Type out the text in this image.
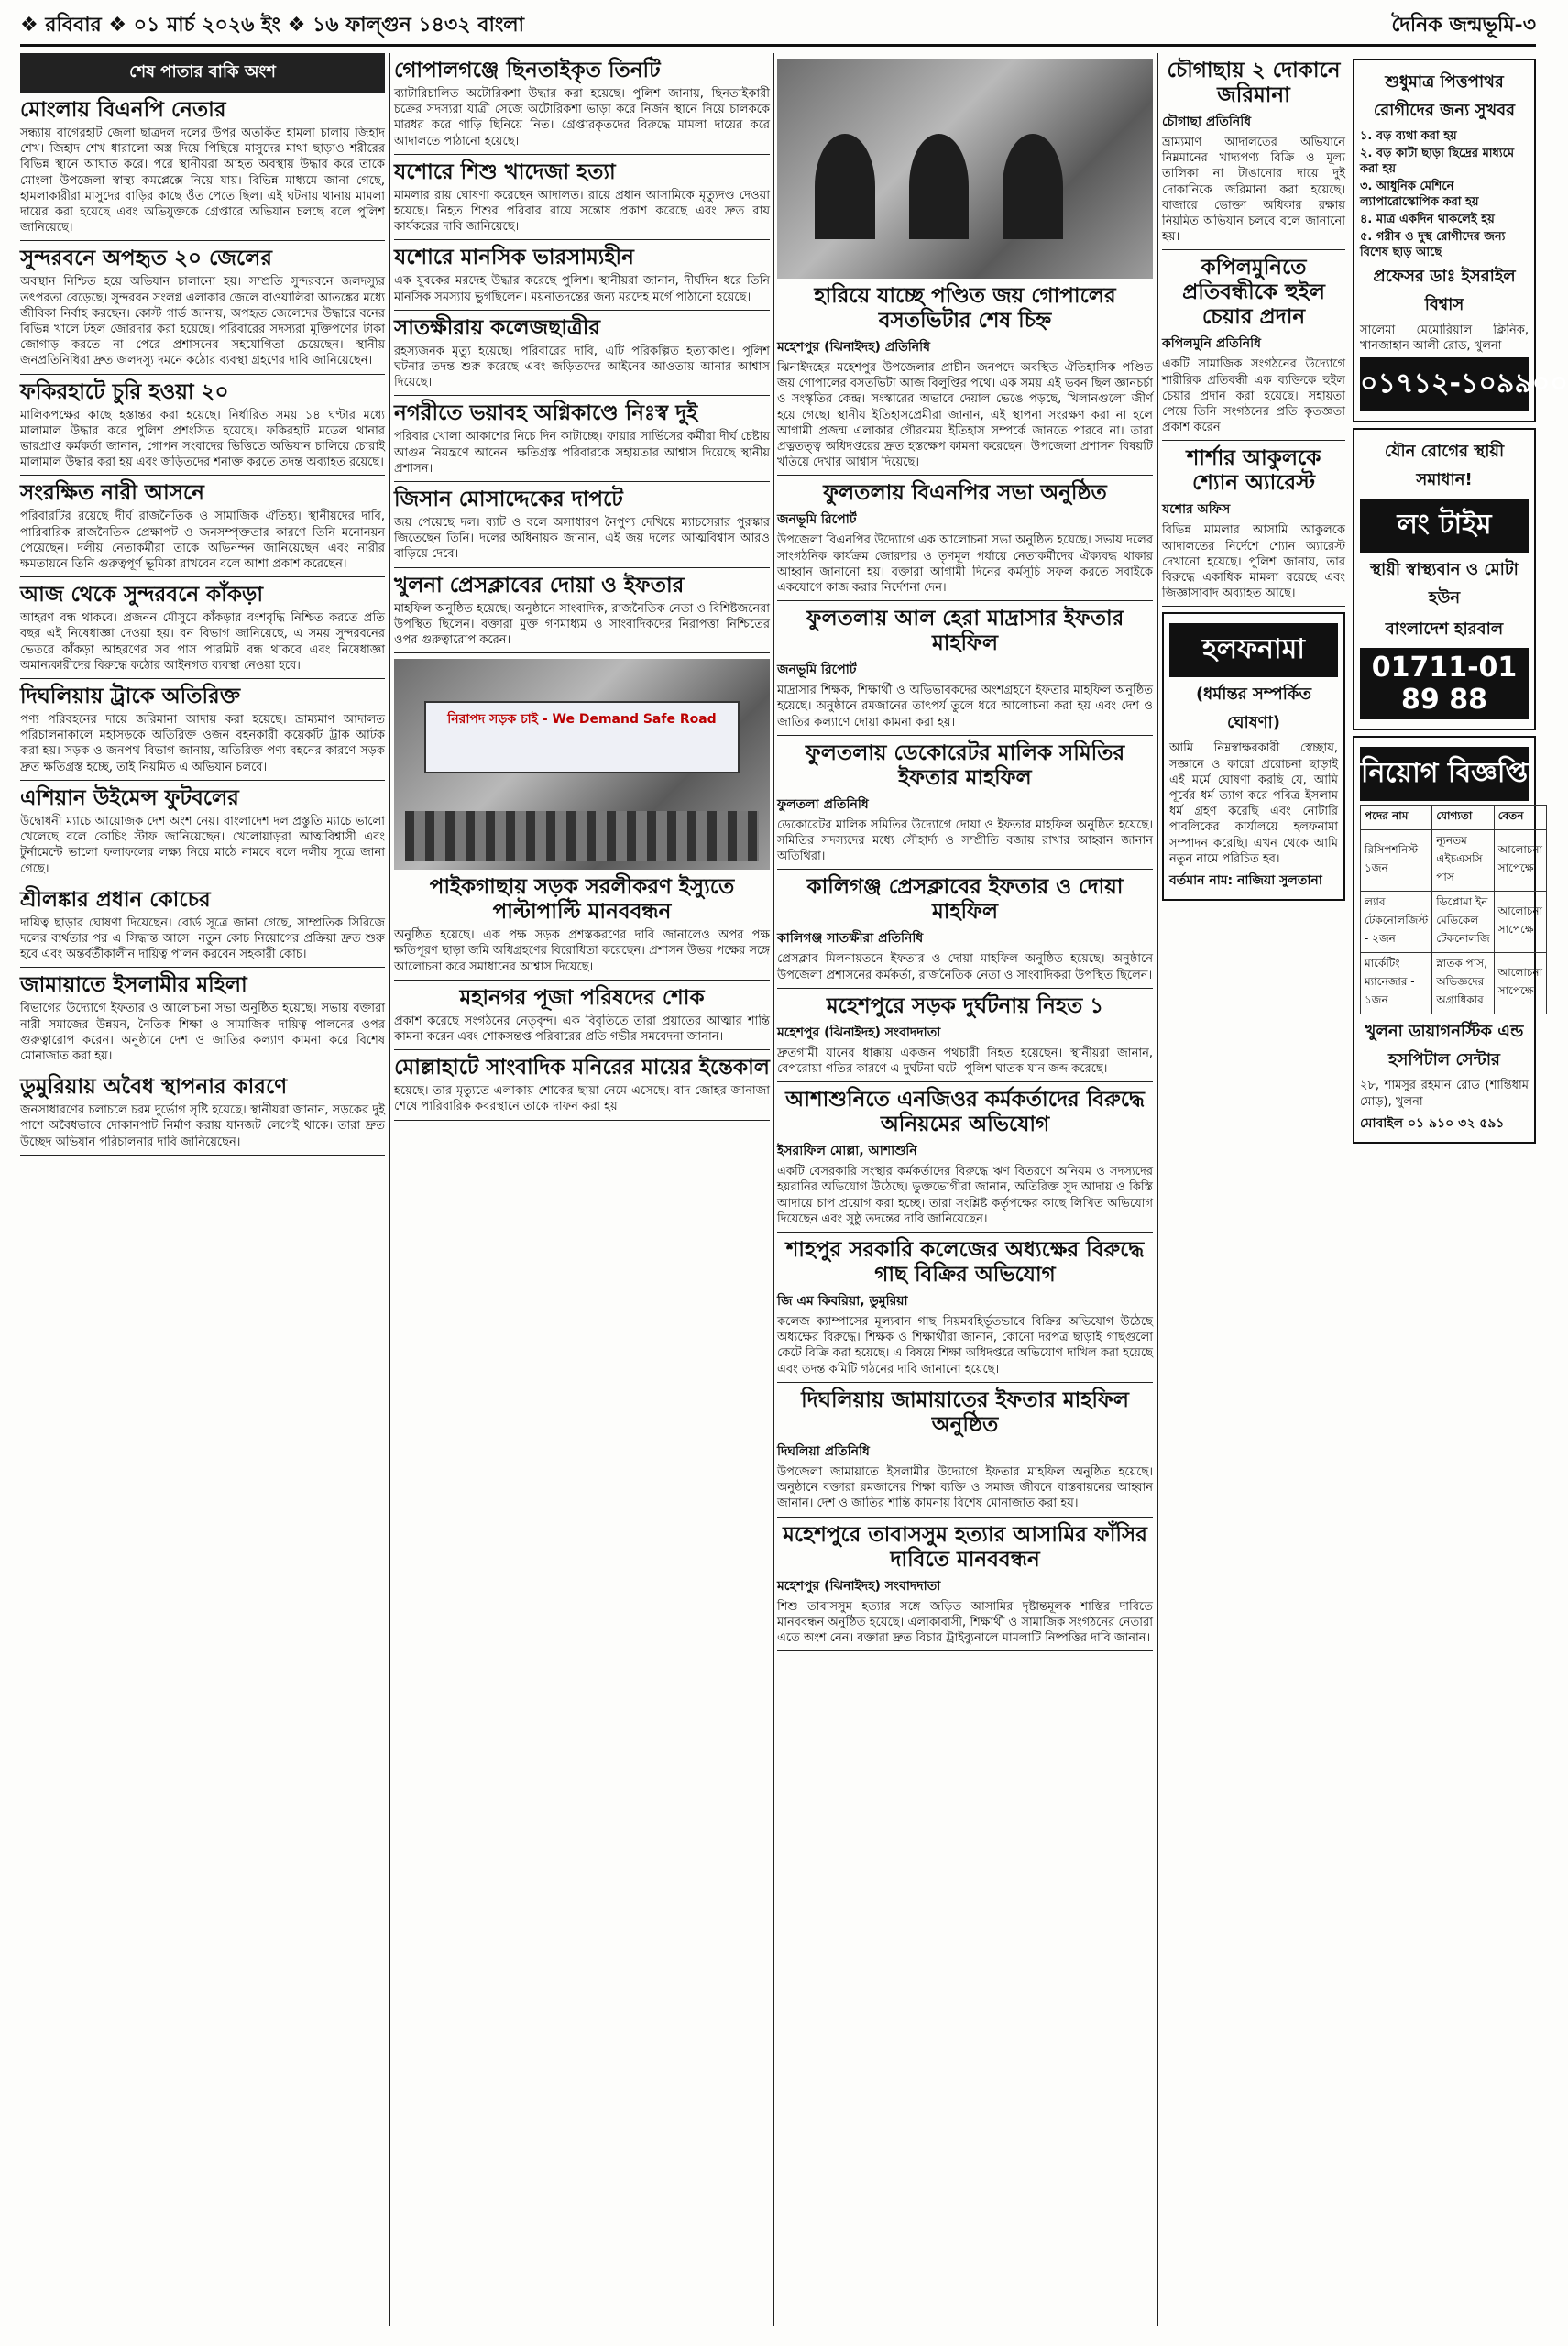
❖ রবিবার ❖ ০১ মার্চ ২০২৬ ইং ❖ ১৬ ফাল্গুন ১৪৩২ বাংলা	দৈনিক জন্মভূমি-৩
শেষ পাতার বাকি অংশ
মোংলায় বিএনপি নেতার

সন্ধ্যায় বাগেরহাট জেলা ছাত্রদল দলের উপর অতর্কিত হামলা চালায় জিহাদ শেখ। জিহাদ শেখ ধারালো অস্ত্র দিয়ে পিছিয়ে মাসুদের মাথা ছাড়াও শরীরের বিভিন্ন স্থানে আঘাত করে। পরে স্থানীয়রা আহত অবস্থায় উদ্ধার করে তাকে মোংলা উপজেলা স্বাস্থ্য কমপ্লেক্সে নিয়ে যায়। বিভিন্ন মাধ্যমে জানা গেছে, হামলাকারীরা মাসুদের বাড়ির কাছে ওঁত পেতে ছিল। এই ঘটনায় থানায় মামলা দায়ের করা হয়েছে এবং অভিযুক্তকে গ্রেপ্তারে অভিযান চলছে বলে পুলিশ জানিয়েছে।

সুন্দরবনে অপহৃত ২০ জেলের

অবস্থান নিশ্চিত হয়ে অভিযান চালানো হয়। সম্প্রতি সুন্দরবনে জলদস্যুর তৎপরতা বেড়েছে। সুন্দরবন সংলগ্ন এলাকার জেলে বাওয়ালিরা আতঙ্কের মধ্যে জীবিকা নির্বাহ করছেন। কোস্ট গার্ড জানায়, অপহৃত জেলেদের উদ্ধারে বনের বিভিন্ন খালে টহল জোরদার করা হয়েছে। পরিবারের সদস্যরা মুক্তিপণের টাকা জোগাড় করতে না পেরে প্রশাসনের সহযোগিতা চেয়েছেন। স্থানীয় জনপ্রতিনিধিরা দ্রুত জলদস্যু দমনে কঠোর ব্যবস্থা গ্রহণের দাবি জানিয়েছেন।

ফকিরহাটে চুরি হওয়া ২০

মালিকপক্ষের কাছে হস্তান্তর করা হয়েছে। নির্ধারিত সময় ১৪ ঘণ্টার মধ্যে মালামাল উদ্ধার করে পুলিশ প্রশংসিত হয়েছে। ফকিরহাট মডেল থানার ভারপ্রাপ্ত কর্মকর্তা জানান, গোপন সংবাদের ভিত্তিতে অভিযান চালিয়ে চোরাই মালামাল উদ্ধার করা হয় এবং জড়িতদের শনাক্ত করতে তদন্ত অব্যাহত রয়েছে।

সংরক্ষিত নারী আসনে

পরিবারটির রয়েছে দীর্ঘ রাজনৈতিক ও সামাজিক ঐতিহ্য। স্থানীয়দের দাবি, পারিবারিক রাজনৈতিক প্রেক্ষাপট ও জনসম্পৃক্ততার কারণে তিনি মনোনয়ন পেয়েছেন। দলীয় নেতাকর্মীরা তাকে অভিনন্দন জানিয়েছেন এবং নারীর ক্ষমতায়নে তিনি গুরুত্বপূর্ণ ভূমিকা রাখবেন বলে আশা প্রকাশ করেছেন।

আজ থেকে সুন্দরবনে কাঁকড়া

আহরণ বন্ধ থাকবে। প্রজনন মৌসুমে কাঁকড়ার বংশবৃদ্ধি নিশ্চিত করতে প্রতি বছর এই নিষেধাজ্ঞা দেওয়া হয়। বন বিভাগ জানিয়েছে, এ সময় সুন্দরবনের ভেতরে কাঁকড়া আহরণের সব পাস পারমিট বন্ধ থাকবে এবং নিষেধাজ্ঞা অমান্যকারীদের বিরুদ্ধে কঠোর আইনগত ব্যবস্থা নেওয়া হবে।

দিঘলিয়ায় ট্রাকে অতিরিক্ত

পণ্য পরিবহনের দায়ে জরিমানা আদায় করা হয়েছে। ভ্রাম্যমাণ আদালত পরিচালনাকালে মহাসড়কে অতিরিক্ত ওজন বহনকারী কয়েকটি ট্রাক আটক করা হয়। সড়ক ও জনপথ বিভাগ জানায়, অতিরিক্ত পণ্য বহনের কারণে সড়ক দ্রুত ক্ষতিগ্রস্ত হচ্ছে, তাই নিয়মিত এ অভিযান চলবে।

এশিয়ান উইমেন্স ফুটবলের

উদ্বোধনী ম্যাচে আয়োজক দেশ অংশ নেয়। বাংলাদেশ দল প্রস্তুতি ম্যাচে ভালো খেলেছে বলে কোচিং স্টাফ জানিয়েছেন। খেলোয়াড়রা আত্মবিশ্বাসী এবং টুর্নামেন্টে ভালো ফলাফলের লক্ষ্য নিয়ে মাঠে নামবে বলে দলীয় সূত্রে জানা গেছে।

শ্রীলঙ্কার প্রধান কোচের

দায়িত্ব ছাড়ার ঘোষণা দিয়েছেন। বোর্ড সূত্রে জানা গেছে, সাম্প্রতিক সিরিজে দলের ব্যর্থতার পর এ সিদ্ধান্ত আসে। নতুন কোচ নিয়োগের প্রক্রিয়া দ্রুত শুরু হবে এবং অন্তর্বর্তীকালীন দায়িত্ব পালন করবেন সহকারী কোচ।

জামায়াতে ইসলামীর মহিলা

বিভাগের উদ্যোগে ইফতার ও আলোচনা সভা অনুষ্ঠিত হয়েছে। সভায় বক্তারা নারী সমাজের উন্নয়ন, নৈতিক শিক্ষা ও সামাজিক দায়িত্ব পালনের ওপর গুরুত্বারোপ করেন। অনুষ্ঠানে দেশ ও জাতির কল্যাণ কামনা করে বিশেষ মোনাজাত করা হয়।

ডুমুরিয়ায় অবৈধ স্থাপনার কারণে

জনসাধারণের চলাচলে চরম দুর্ভোগ সৃষ্টি হয়েছে। স্থানীয়রা জানান, সড়কের দুই পাশে অবৈধভাবে দোকানপাট নির্মাণ করায় যানজট লেগেই থাকে। তারা দ্রুত উচ্ছেদ অভিযান পরিচালনার দাবি জানিয়েছেন।

গোপালগঞ্জে ছিনতাইকৃত তিনটি

ব্যাটারিচালিত অটোরিকশা উদ্ধার করা হয়েছে। পুলিশ জানায়, ছিনতাইকারী চক্রের সদস্যরা যাত্রী সেজে অটোরিকশা ভাড়া করে নির্জন স্থানে নিয়ে চালককে মারধর করে গাড়ি ছিনিয়ে নিত। গ্রেপ্তারকৃতদের বিরুদ্ধে মামলা দায়ের করে আদালতে পাঠানো হয়েছে।

যশোরে শিশু খাদেজা হত্যা

মামলার রায় ঘোষণা করেছেন আদালত। রায়ে প্রধান আসামিকে মৃত্যুদণ্ড দেওয়া হয়েছে। নিহত শিশুর পরিবার রায়ে সন্তোষ প্রকাশ করেছে এবং দ্রুত রায় কার্যকরের দাবি জানিয়েছে।

যশোরে মানসিক ভারসাম্যহীন

এক যুবকের মরদেহ উদ্ধার করেছে পুলিশ। স্থানীয়রা জানান, দীর্ঘদিন ধরে তিনি মানসিক সমস্যায় ভুগছিলেন। ময়নাতদন্তের জন্য মরদেহ মর্গে পাঠানো হয়েছে।

সাতক্ষীরায় কলেজছাত্রীর

রহস্যজনক মৃত্যু হয়েছে। পরিবারের দাবি, এটি পরিকল্পিত হত্যাকাণ্ড। পুলিশ ঘটনার তদন্ত শুরু করেছে এবং জড়িতদের আইনের আওতায় আনার আশ্বাস দিয়েছে।

নগরীতে ভয়াবহ অগ্নিকাণ্ডে নিঃস্ব দুই

পরিবার খোলা আকাশের নিচে দিন কাটাচ্ছে। ফায়ার সার্ভিসের কর্মীরা দীর্ঘ চেষ্টায় আগুন নিয়ন্ত্রণে আনেন। ক্ষতিগ্রস্ত পরিবারকে সহায়তার আশ্বাস দিয়েছে স্থানীয় প্রশাসন।

জিসান মোসাদ্দেকের দাপটে

জয় পেয়েছে দল। ব্যাট ও বলে অসাধারণ নৈপুণ্য দেখিয়ে ম্যাচসেরার পুরস্কার জিতেছেন তিনি। দলের অধিনায়ক জানান, এই জয় দলের আত্মবিশ্বাস আরও বাড়িয়ে দেবে।

খুলনা প্রেসক্লাবের দোয়া ও ইফতার

মাহফিল অনুষ্ঠিত হয়েছে। অনুষ্ঠানে সাংবাদিক, রাজনৈতিক নেতা ও বিশিষ্টজনেরা উপস্থিত ছিলেন। বক্তারা মুক্ত গণমাধ্যম ও সাংবাদিকদের নিরাপত্তা নিশ্চিতের ওপর গুরুত্বারোপ করেন।

নিরাপদ সড়ক চাই - We Demand Safe Road
পাইকগাছায় সড়ক সরলীকরণ ইস্যুতে পাল্টাপাল্টি মানববন্ধন

অনুষ্ঠিত হয়েছে। এক পক্ষ সড়ক প্রশস্তকরণের দাবি জানালেও অপর পক্ষ ক্ষতিপূরণ ছাড়া জমি অধিগ্রহণের বিরোধিতা করেছেন। প্রশাসন উভয় পক্ষের সঙ্গে আলোচনা করে সমাধানের আশ্বাস দিয়েছে।

মহানগর পূজা পরিষদের শোক

প্রকাশ করেছে সংগঠনের নেতৃবৃন্দ। এক বিবৃতিতে তারা প্রয়াতের আত্মার শান্তি কামনা করেন এবং শোকসন্তপ্ত পরিবারের প্রতি গভীর সমবেদনা জানান।

মোল্লাহাটে সাংবাদিক মনিরের মায়ের ইন্তেকাল

হয়েছে। তার মৃত্যুতে এলাকায় শোকের ছায়া নেমে এসেছে। বাদ জোহর জানাজা শেষে পারিবারিক কবরস্থানে তাকে দাফন করা হয়।

হারিয়ে যাচ্ছে পণ্ডিত জয় গোপালের বসতভিটার শেষ চিহ্ন
মহেশপুর (ঝিনাইদহ) প্রতিনিধি

ঝিনাইদহের মহেশপুর উপজেলার প্রাচীন জনপদে অবস্থিত ঐতিহাসিক পণ্ডিত জয় গোপালের বসতভিটা আজ বিলুপ্তির পথে। এক সময় এই ভবন ছিল জ্ঞানচর্চা ও সংস্কৃতির কেন্দ্র। সংস্কারের অভাবে দেয়াল ভেঙে পড়ছে, খিলানগুলো জীর্ণ হয়ে গেছে। স্থানীয় ইতিহাসপ্রেমীরা জানান, এই স্থাপনা সংরক্ষণ করা না হলে আগামী প্রজন্ম এলাকার গৌরবময় ইতিহাস সম্পর্কে জানতে পারবে না। তারা প্রত্নতত্ত্ব অধিদপ্তরের দ্রুত হস্তক্ষেপ কামনা করেছেন। উপজেলা প্রশাসন বিষয়টি খতিয়ে দেখার আশ্বাস দিয়েছে।

ফুলতলায় বিএনপির সভা অনুষ্ঠিত
জনভূমি রিপোর্ট

উপজেলা বিএনপির উদ্যোগে এক আলোচনা সভা অনুষ্ঠিত হয়েছে। সভায় দলের সাংগঠনিক কার্যক্রম জোরদার ও তৃণমূল পর্যায়ে নেতাকর্মীদের ঐক্যবদ্ধ থাকার আহ্বান জানানো হয়। বক্তারা আগামী দিনের কর্মসূচি সফল করতে সবাইকে একযোগে কাজ করার নির্দেশনা দেন।

ফুলতলায় আল হেরা মাদ্রাসার ইফতার মাহফিল
জনভূমি রিপোর্ট

মাদ্রাসার শিক্ষক, শিক্ষার্থী ও অভিভাবকদের অংশগ্রহণে ইফতার মাহফিল অনুষ্ঠিত হয়েছে। অনুষ্ঠানে রমজানের তাৎপর্য তুলে ধরে আলোচনা করা হয় এবং দেশ ও জাতির কল্যাণে দোয়া কামনা করা হয়।

ফুলতলায় ডেকোরেটর মালিক সমিতির ইফতার মাহফিল
ফুলতলা প্রতিনিধি

ডেকোরেটর মালিক সমিতির উদ্যোগে দোয়া ও ইফতার মাহফিল অনুষ্ঠিত হয়েছে। সমিতির সদস্যদের মধ্যে সৌহার্দ্য ও সম্প্রীতি বজায় রাখার আহ্বান জানান অতিথিরা।

কালিগঞ্জ প্রেসক্লাবের ইফতার ও দোয়া মাহফিল
কালিগঞ্জ সাতক্ষীরা প্রতিনিধি

প্রেসক্লাব মিলনায়তনে ইফতার ও দোয়া মাহফিল অনুষ্ঠিত হয়েছে। অনুষ্ঠানে উপজেলা প্রশাসনের কর্মকর্তা, রাজনৈতিক নেতা ও সাংবাদিকরা উপস্থিত ছিলেন।

মহেশপুরে সড়ক দুর্ঘটনায় নিহত ১
মহেশপুর (ঝিনাইদহ) সংবাদদাতা

দ্রুতগামী যানের ধাক্কায় একজন পথচারী নিহত হয়েছেন। স্থানীয়রা জানান, বেপরোয়া গতির কারণে এ দুর্ঘটনা ঘটে। পুলিশ ঘাতক যান জব্দ করেছে।

আশাশুনিতে এনজিওর কর্মকর্তাদের বিরুদ্ধে অনিয়মের অভিযোগ
ইসরাফিল মোল্লা, আশাশুনি

একটি বেসরকারি সংস্থার কর্মকর্তাদের বিরুদ্ধে ঋণ বিতরণে অনিয়ম ও সদস্যদের হয়রানির অভিযোগ উঠেছে। ভুক্তভোগীরা জানান, অতিরিক্ত সুদ আদায় ও কিস্তি আদায়ে চাপ প্রয়োগ করা হচ্ছে। তারা সংশ্লিষ্ট কর্তৃপক্ষের কাছে লিখিত অভিযোগ দিয়েছেন এবং সুষ্ঠু তদন্তের দাবি জানিয়েছেন।

শাহপুর সরকারি কলেজের অধ্যক্ষের বিরুদ্ধে গাছ বিক্রির অভিযোগ
জি এম কিবরিয়া, ডুমুরিয়া

কলেজ ক্যাম্পাসের মূল্যবান গাছ নিয়মবহির্ভূতভাবে বিক্রির অভিযোগ উঠেছে অধ্যক্ষের বিরুদ্ধে। শিক্ষক ও শিক্ষার্থীরা জানান, কোনো দরপত্র ছাড়াই গাছগুলো কেটে বিক্রি করা হয়েছে। এ বিষয়ে শিক্ষা অধিদপ্তরে অভিযোগ দাখিল করা হয়েছে এবং তদন্ত কমিটি গঠনের দাবি জানানো হয়েছে।

দিঘলিয়ায় জামায়াতের ইফতার মাহফিল অনুষ্ঠিত
দিঘলিয়া প্রতিনিধি

উপজেলা জামায়াতে ইসলামীর উদ্যোগে ইফতার মাহফিল অনুষ্ঠিত হয়েছে। অনুষ্ঠানে বক্তারা রমজানের শিক্ষা ব্যক্তি ও সমাজ জীবনে বাস্তবায়নের আহ্বান জানান। দেশ ও জাতির শান্তি কামনায় বিশেষ মোনাজাত করা হয়।

মহেশপুরে তাবাসসুম হত্যার আসামির ফাঁসির দাবিতে মানববন্ধন
মহেশপুর (ঝিনাইদহ) সংবাদদাতা

শিশু তাবাসসুম হত্যার সঙ্গে জড়িত আসামির দৃষ্টান্তমূলক শাস্তির দাবিতে মানববন্ধন অনুষ্ঠিত হয়েছে। এলাকাবাসী, শিক্ষার্থী ও সামাজিক সংগঠনের নেতারা এতে অংশ নেন। বক্তারা দ্রুত বিচার ট্রাইব্যুনালে মামলাটি নিষ্পত্তির দাবি জানান।

চৌগাছায় ২ দোকানে জরিমানা
চৌগাছা প্রতিনিধি

ভ্রাম্যমাণ আদালতের অভিযানে নিম্নমানের খাদ্যপণ্য বিক্রি ও মূল্য তালিকা না টাঙানোর দায়ে দুই দোকানিকে জরিমানা করা হয়েছে। বাজারে ভোক্তা অধিকার রক্ষায় নিয়মিত অভিযান চলবে বলে জানানো হয়।

কপিলমুনিতে প্রতিবন্ধীকে হুইল চেয়ার প্রদান
কপিলমুনি প্রতিনিধি

একটি সামাজিক সংগঠনের উদ্যোগে শারীরিক প্রতিবন্ধী এক ব্যক্তিকে হুইল চেয়ার প্রদান করা হয়েছে। সহায়তা পেয়ে তিনি সংগঠনের প্রতি কৃতজ্ঞতা প্রকাশ করেন।

শার্শার আকুলকে শ্যোন অ্যারেস্ট
যশোর অফিস

বিভিন্ন মামলার আসামি আকুলকে আদালতের নির্দেশে শ্যোন অ্যারেস্ট দেখানো হয়েছে। পুলিশ জানায়, তার বিরুদ্ধে একাধিক মামলা রয়েছে এবং জিজ্ঞাসাবাদ অব্যাহত আছে।

হলফনামা
(ধর্মান্তর সম্পর্কিত ঘোষণা)

আমি নিম্নস্বাক্ষরকারী স্বেচ্ছায়, সজ্ঞানে ও কারো প্ররোচনা ছাড়াই এই মর্মে ঘোষণা করছি যে, আমি পূর্বের ধর্ম ত্যাগ করে পবিত্র ইসলাম ধর্ম গ্রহণ করেছি এবং নোটারি পাবলিকের কার্যালয়ে হলফনামা সম্পাদন করেছি। এখন থেকে আমি নতুন নামে পরিচিত হব।

বর্তমান নাম: নাজিয়া সুলতানা
শুধুমাত্র পিত্তপাথর রোগীদের জন্য সুখবর
১. বড় ব্যথা করা হয়
২. বড় কাটা ছাড়া ছিদ্রের মাধ্যমে করা হয়
৩. আধুনিক মেশিনে ল্যাপারোস্কোপিক করা হয়
৪. মাত্র একদিন থাকলেই হয়
৫. গরীব ও দুস্থ রোগীদের জন্য বিশেষ ছাড় আছে
প্রফেসর ডাঃ ইসরাইল বিশ্বাস

সালেমা মেমোরিয়াল ক্লিনিক, খানজাহান আলী রোড, খুলনা

০১৭১২-১০৯৯০০
যৌন রোগের স্থায়ী সমাধান!
লং টাইম
স্থায়ী স্বাস্থ্যবান ও মোটা হউন
বাংলাদেশ হারবাল
01711-01 89 88
নিয়োগ বিজ্ঞপ্তি
পদের নাম	যোগ্যতা	বেতন
রিসিপশনিস্ট - ১জন	ন্যূনতম এইচএসসি পাস	আলোচনা সাপেক্ষে
ল্যাব টেকনোলজিস্ট - ২জন	ডিপ্লোমা ইন মেডিকেল টেকনোলজি	আলোচনা সাপেক্ষে
মার্কেটিং ম্যানেজার - ১জন	স্নাতক পাস, অভিজ্ঞদের অগ্রাধিকার	আলোচনা সাপেক্ষে
খুলনা ডায়াগনস্টিক এন্ড হসপিটাল সেন্টার

২৮, শামসুর রহমান রোড (শান্তিধাম মোড়), খুলনা

মোবাইল ০১ ৯১০ ৩২ ৫৯১
